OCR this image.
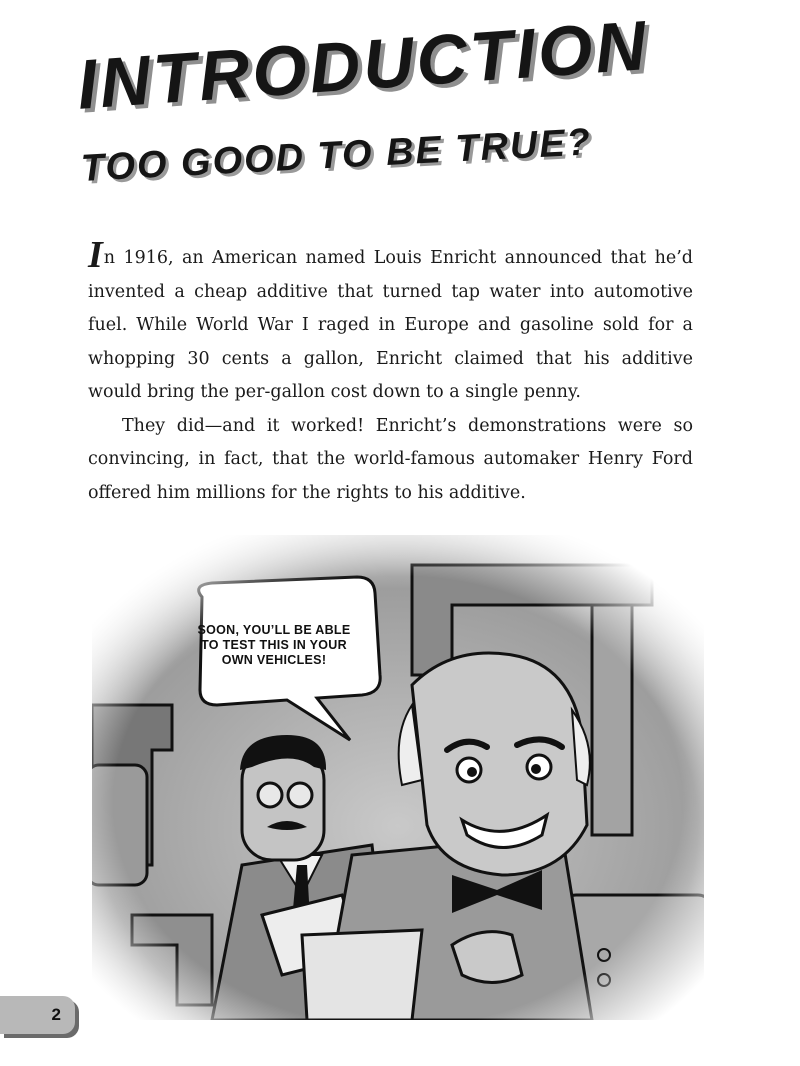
INTRODUCTION
TOO GOOD TO BE TRUE?

In 1916, an American named Louis Enricht announced that he’d invented a cheap additive that turned tap water into automotive fuel. While World War I raged in Europe and gasoline sold for a whopping 30 cents a gallon, Enricht claimed that his additive would bring the per-gallon cost down to a single penny.

They did—and it worked! Enricht’s demonstrations were so convincing, in fact, that the world-famous automaker Henry Ford offered him millions for the rights to his additive.

SOON, YOU’LL BE ABLE
TO TEST THIS IN YOUR
OWN VEHICLES!
2
